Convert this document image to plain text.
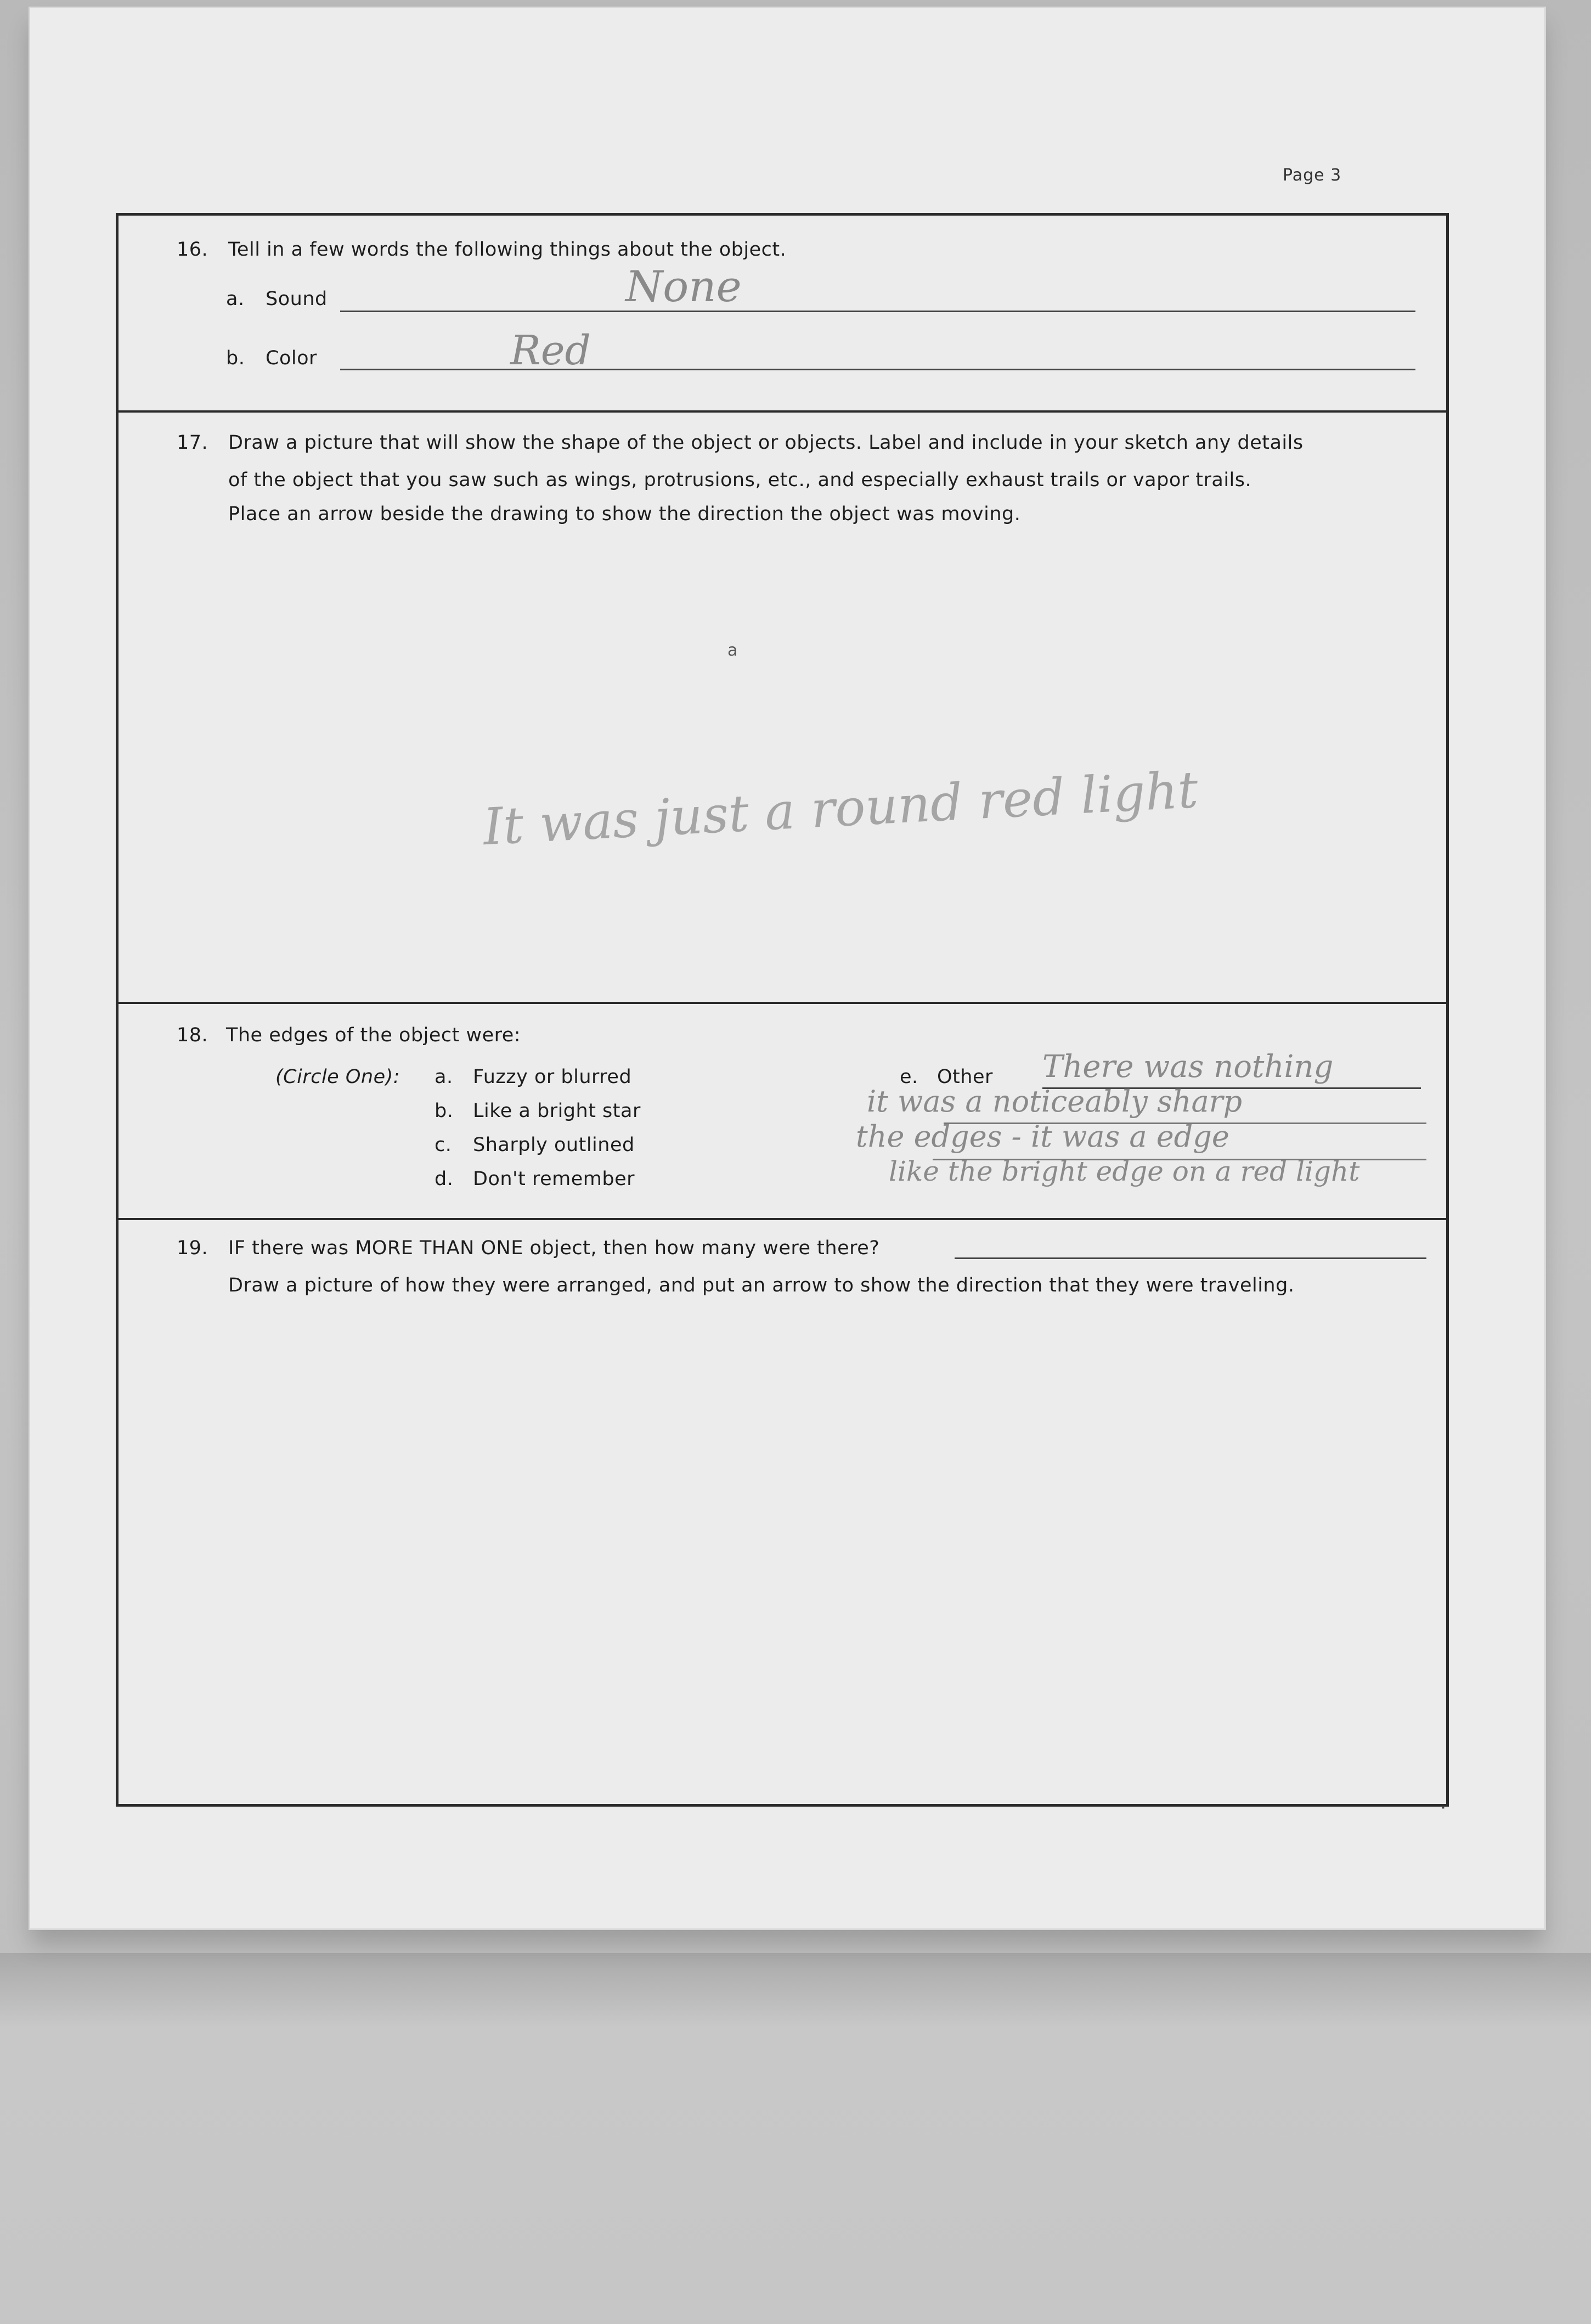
Page 3
16. Tell in a few words the following things about the object.
a. Sound	None
b. Color	Red
17. Draw a picture that will show the shape of the object or objects. Label and include in your sketch any details
of the object that you saw such as wings, protrusions, etc., and especially exhaust trails or vapor trails.
Place an arrow beside the drawing to show the direction the object was moving.
a
It was just a round red light
18. The edges of the object were:
(Circle One): a. Fuzzy or blurred
b. Like a bright star
c. Sharply outlined
d. Don't remember
e. Other There was nothing
it was a noticeably sharp
the edges - it was a edge
like the bright edge on a red light
19. IF there was MORE THAN ONE object, then how many were there?
Draw a picture of how they were arranged, and put an arrow to show the direction that they were traveling.
·
